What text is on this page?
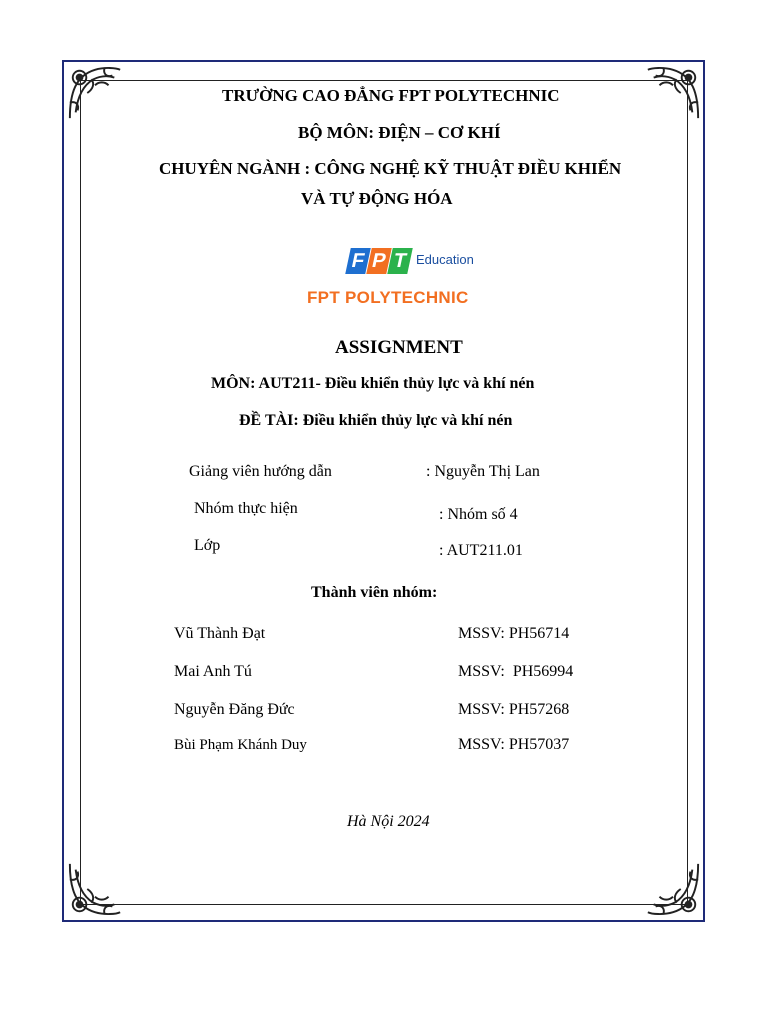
TRƯỜNG CAO ĐẲNG FPT POLYTECHNIC
BỘ MÔN: ĐIỆN – CƠ KHÍ
CHUYÊN NGÀNH : CÔNG NGHỆ KỸ THUẬT ĐIỀU KHIỂN
VÀ TỰ ĐỘNG HÓA
F P T Education
FPT POLYTECHNIC
ASSIGNMENT
MÔN: AUT211- Điều khiển thủy lực và khí nén
ĐỀ TÀI: Điều khiển thủy lực và khí nén
Giảng viên hướng dẫn	: Nguyễn Thị Lan
Nhóm thực hiện	: Nhóm số 4
Lớp	: AUT211.01
Thành viên nhóm:
Vũ Thành Đạt	MSSV: PH56714
Mai Anh Tú	MSSV:  PH56994
Nguyễn Đăng Đức	MSSV: PH57268
Bùi Phạm Khánh Duy	MSSV: PH57037
Hà Nội 2024
